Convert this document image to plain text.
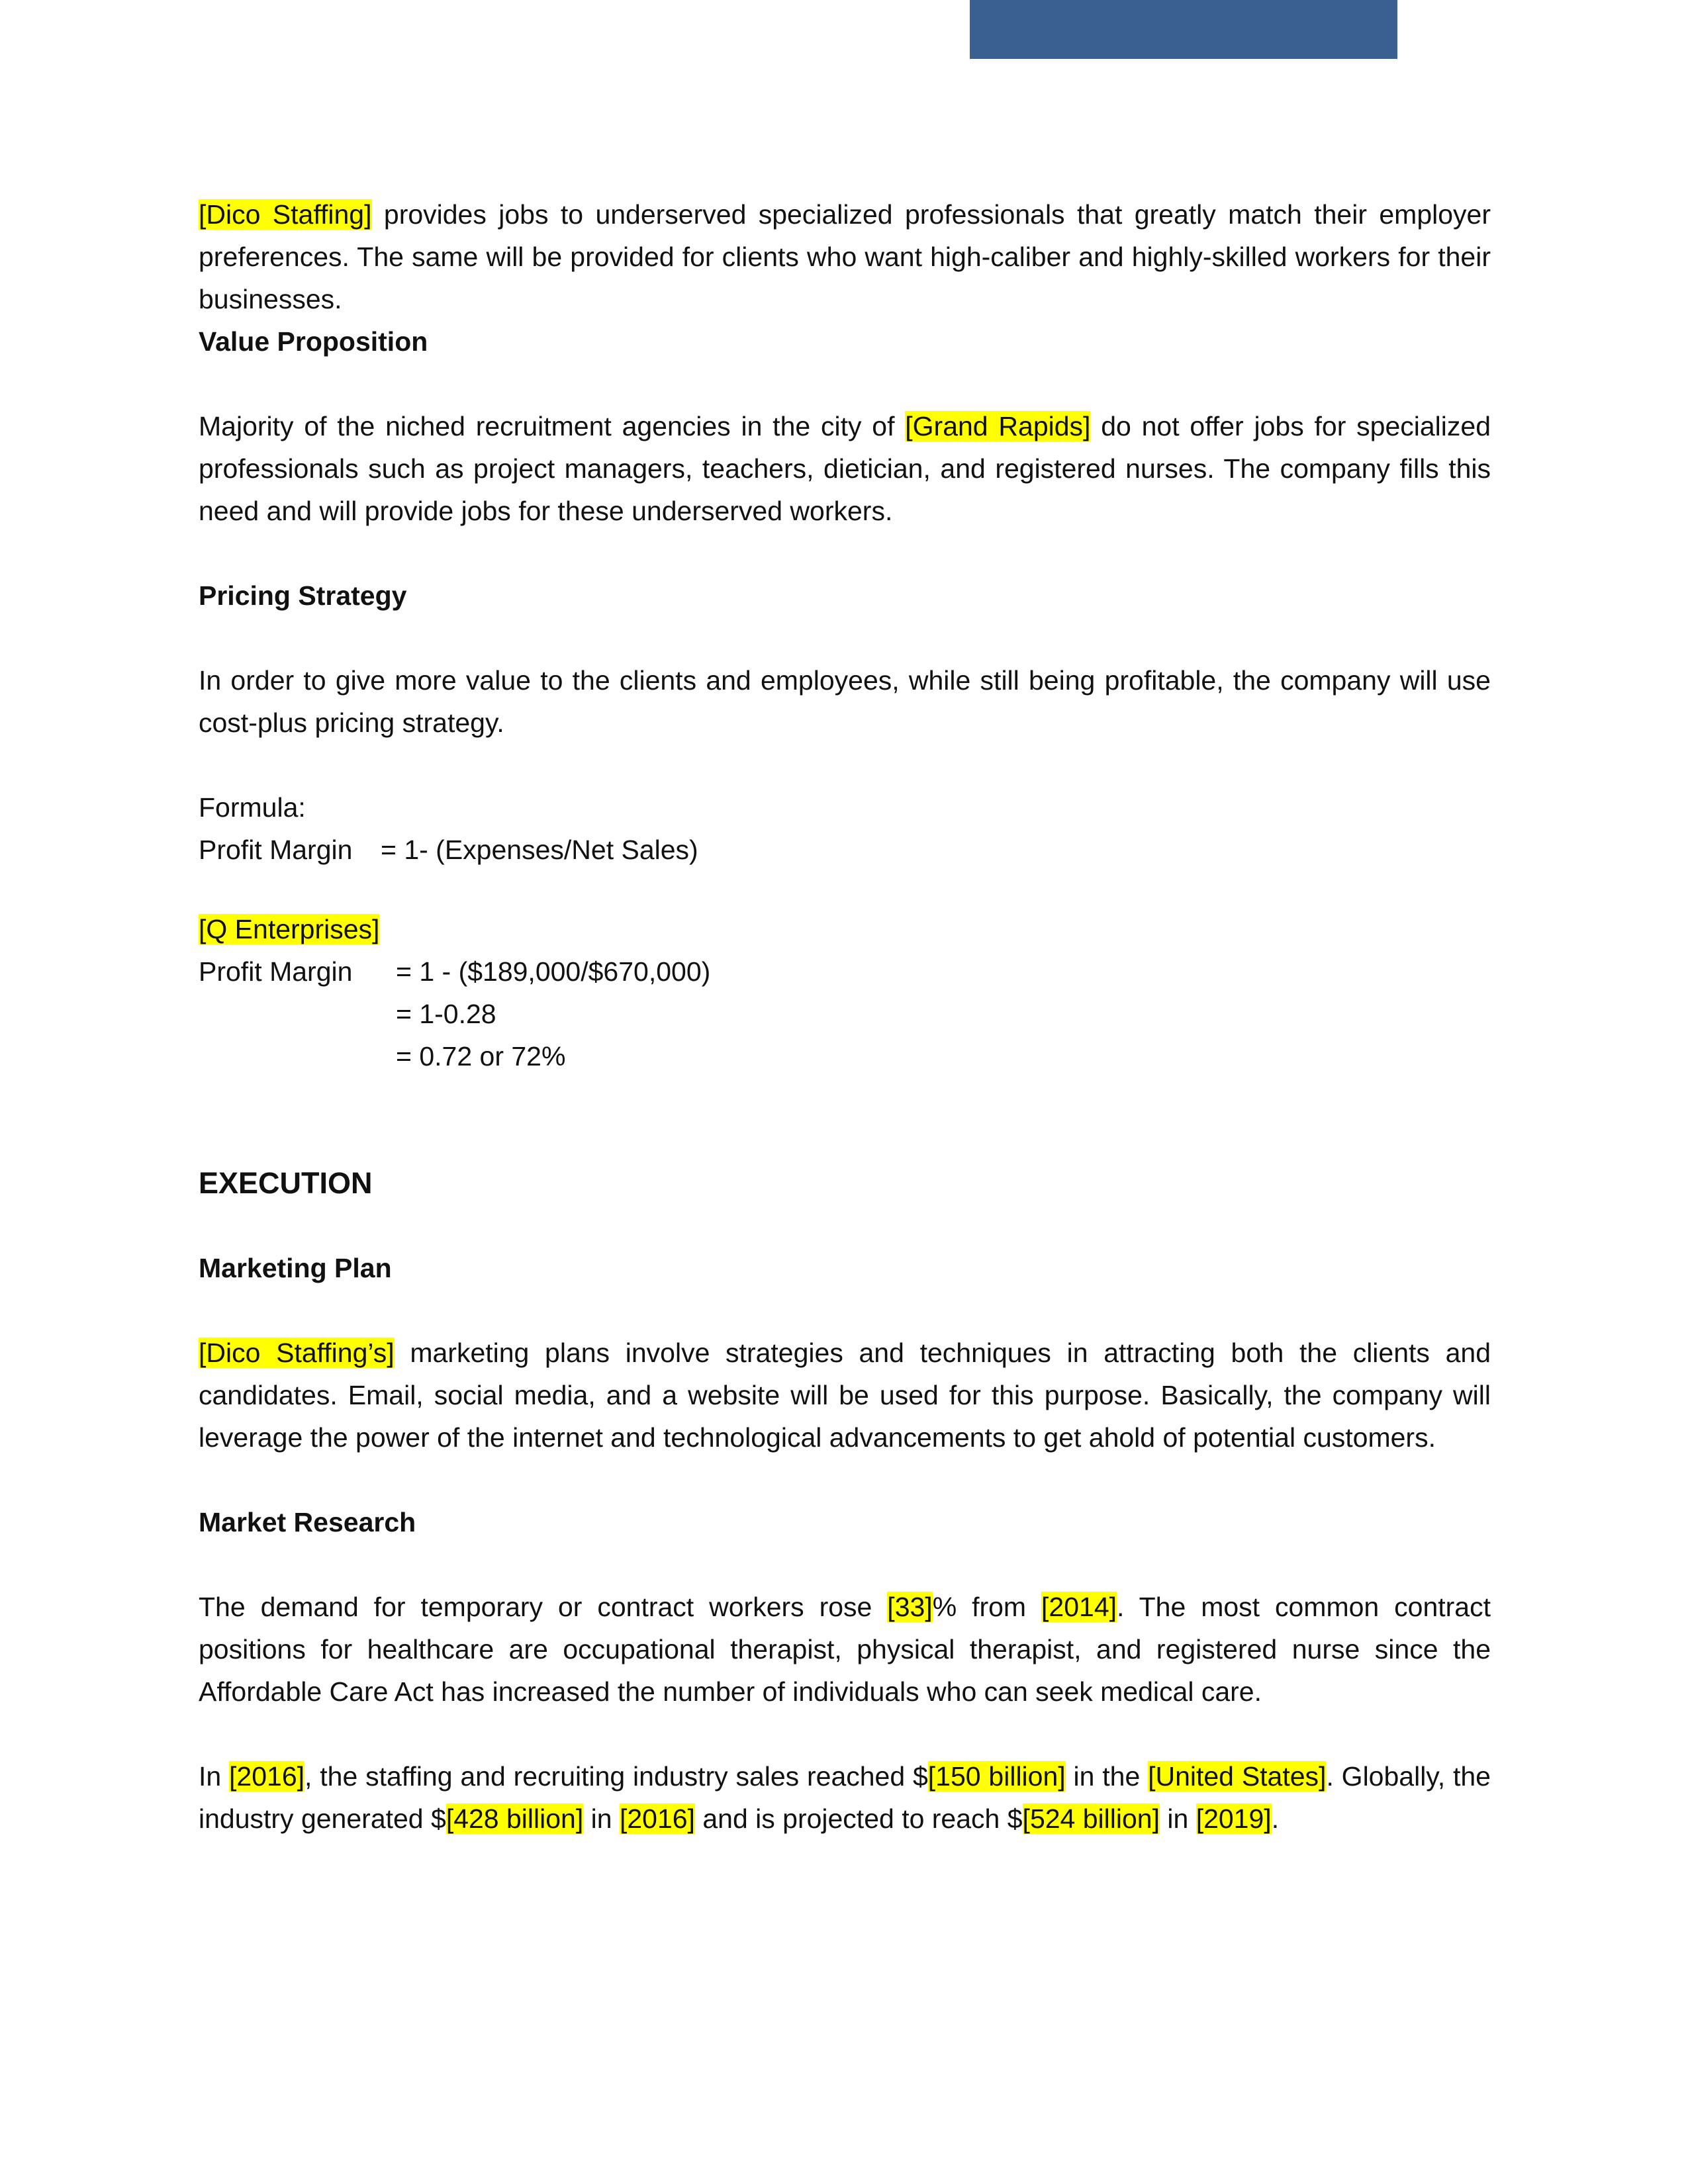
[Dico Staffing] provides jobs to underserved specialized professionals that greatly match their employer preferences. The same will be provided for clients who want high-caliber and highly-skilled workers for their businesses.

Value Proposition

Majority of the niched recruitment agencies in the city of [Grand Rapids] do not offer jobs for specialized professionals such as project managers, teachers, dietician, and registered nurses. The company fills this need and will provide jobs for these underserved workers.

Pricing Strategy

In order to give more value to the clients and employees, while still being profitable, the company will use cost-plus pricing strategy.

Formula:

Profit Margin	= 1- (Expenses/Net Sales)
[Q Enterprises]
Profit Margin	= 1 - ($189,000/$670,000)
= 1-0.28
= 0.72 or 72%

EXECUTION

Marketing Plan

[Dico Staffing’s] marketing plans involve strategies and techniques in attracting both the clients and candidates. Email, social media, and a website will be used for this purpose. Basically, the company will leverage the power of the internet and technological advancements to get ahold of potential customers.

Market Research

The demand for temporary or contract workers rose [33]% from [2014]. The most common contract positions for healthcare are occupational therapist, physical therapist, and registered nurse since the Affordable Care Act has increased the number of individuals who can seek medical care.

In [2016], the staffing and recruiting industry sales reached $[150 billion] in the [United States]. Globally, the industry generated $[428 billion] in [2016] and is projected to reach $[524 billion] in [2019].
